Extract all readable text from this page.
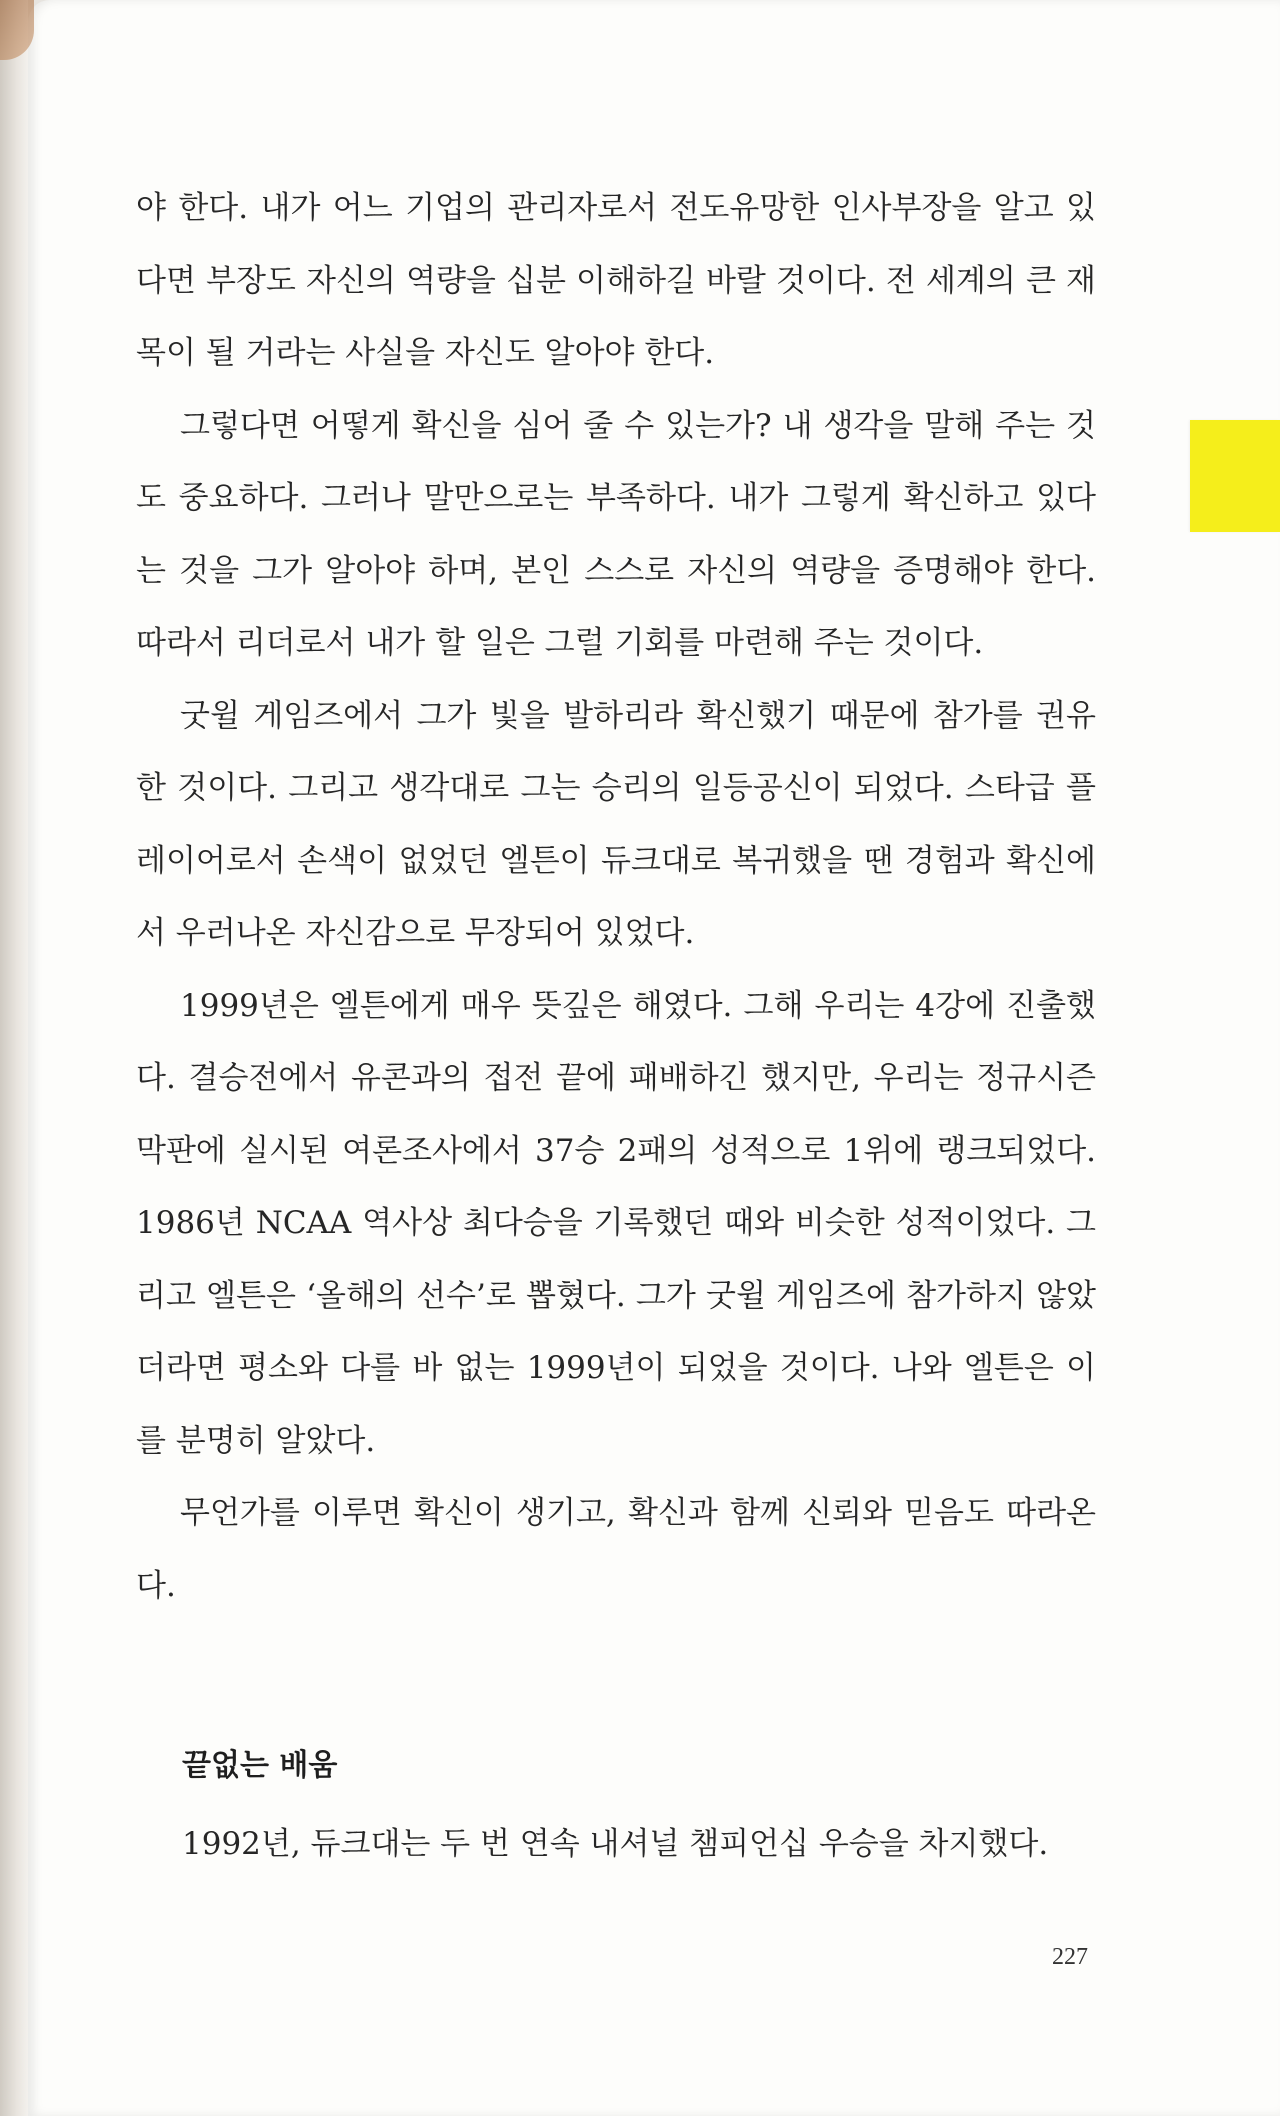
야 한다. 내가 어느 기업의 관리자로서 전도유망한 인사부장을 알고 있다면 부장도 자신의 역량을 십분 이해하길 바랄 것이다. 전 세계의 큰 재목이 될 거라는 사실을 자신도 알아야 한다.

그렇다면 어떻게 확신을 심어 줄 수 있는가? 내 생각을 말해 주는 것도 중요하다. 그러나 말만으로는 부족하다. 내가 그렇게 확신하고 있다는 것을 그가 알아야 하며, 본인 스스로 자신의 역량을 증명해야 한다. 따라서 리더로서 내가 할 일은 그럴 기회를 마련해 주는 것이다.

굿윌 게임즈에서 그가 빛을 발하리라 확신했기 때문에 참가를 권유한 것이다. 그리고 생각대로 그는 승리의 일등공신이 되었다. 스타급 플레이어로서 손색이 없었던 엘튼이 듀크대로 복귀했을 땐 경험과 확신에서 우러나온 자신감으로 무장되어 있었다.

1999년은 엘튼에게 매우 뜻깊은 해였다. 그해 우리는 4강에 진출했다. 결승전에서 유콘과의 접전 끝에 패배하긴 했지만, 우리는 정규시즌 막판에 실시된 여론조사에서 37승 2패의 성적으로 1위에 랭크되었다. 1986년 NCAA 역사상 최다승을 기록했던 때와 비슷한 성적이었다. 그리고 엘튼은 ‘올해의 선수’로 뽑혔다. 그가 굿윌 게임즈에 참가하지 않았더라면 평소와 다를 바 없는 1999년이 되었을 것이다. 나와 엘튼은 이를 분명히 알았다.

무언가를 이루면 확신이 생기고, 확신과 함께 신뢰와 믿음도 따라온다.

끝없는 배움

1992년, 듀크대는 두 번 연속 내셔널 챔피언십 우승을 차지했다.

227
